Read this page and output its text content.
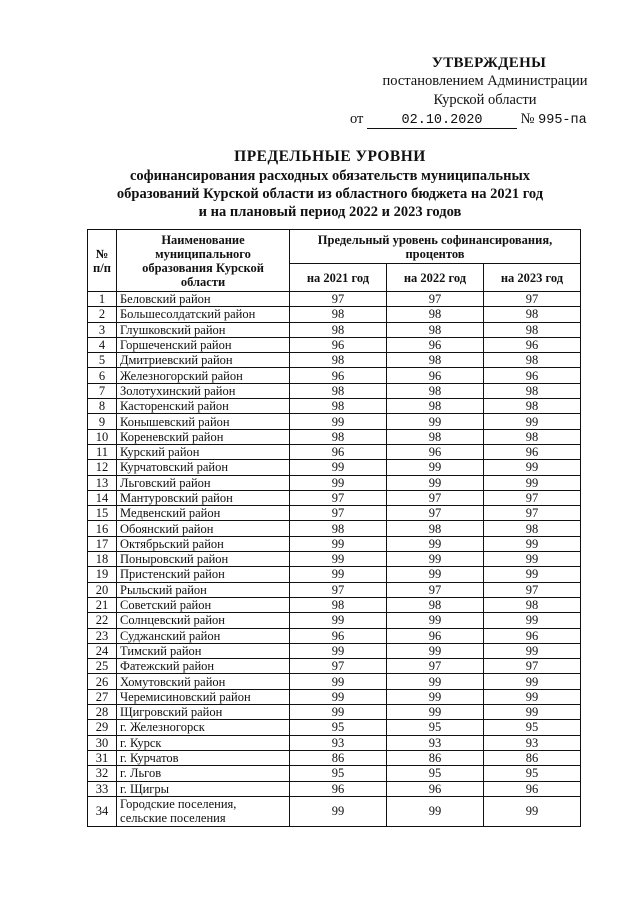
УТВЕРЖДЕНЫ
постановлением Администрации
Курской области
от	02.10.2020	№ 995-па
ПРЕДЕЛЬНЫЕ УРОВНИ
софинансирования расходных обязательств муниципальных
образований Курской области из областного бюджета на 2021 год
и на плановый период 2022 и 2023 годов
№ п/п	Наименование муниципального образования Курской области	Предельный уровень софинансирования, процентов		
		на 2021 год	на 2022 год	на 2023 год
1	Беловский район	97	97	97
2	Большесолдатский район	98	98	98
3	Глушковский район	98	98	98
4	Горшеченский район	96	96	96
5	Дмитриевский район	98	98	98
6	Железногорский район	96	96	96
7	Золотухинский район	98	98	98
8	Касторенский район	98	98	98
9	Конышевский район	99	99	99
10	Кореневский район	98	98	98
11	Курский район	96	96	96
12	Курчатовский район	99	99	99
13	Льговский район	99	99	99
14	Мантуровский район	97	97	97
15	Медвенский район	97	97	97
16	Обоянский район	98	98	98
17	Октябрьский район	99	99	99
18	Поныровский район	99	99	99
19	Пристенский район	99	99	99
20	Рыльский район	97	97	97
21	Советский район	98	98	98
22	Солнцевский район	99	99	99
23	Суджанский район	96	96	96
24	Тимский район	99	99	99
25	Фатежский район	97	97	97
26	Хомутовский район	99	99	99
27	Черемисиновский район	99	99	99
28	Щигровский район	99	99	99
29	г. Железногорск	95	95	95
30	г. Курск	93	93	93
31	г. Курчатов	86	86	86
32	г. Льгов	95	95	95
33	г. Щигры	96	96	96
34	Городские поселения, сельские поселения	99	99	99
